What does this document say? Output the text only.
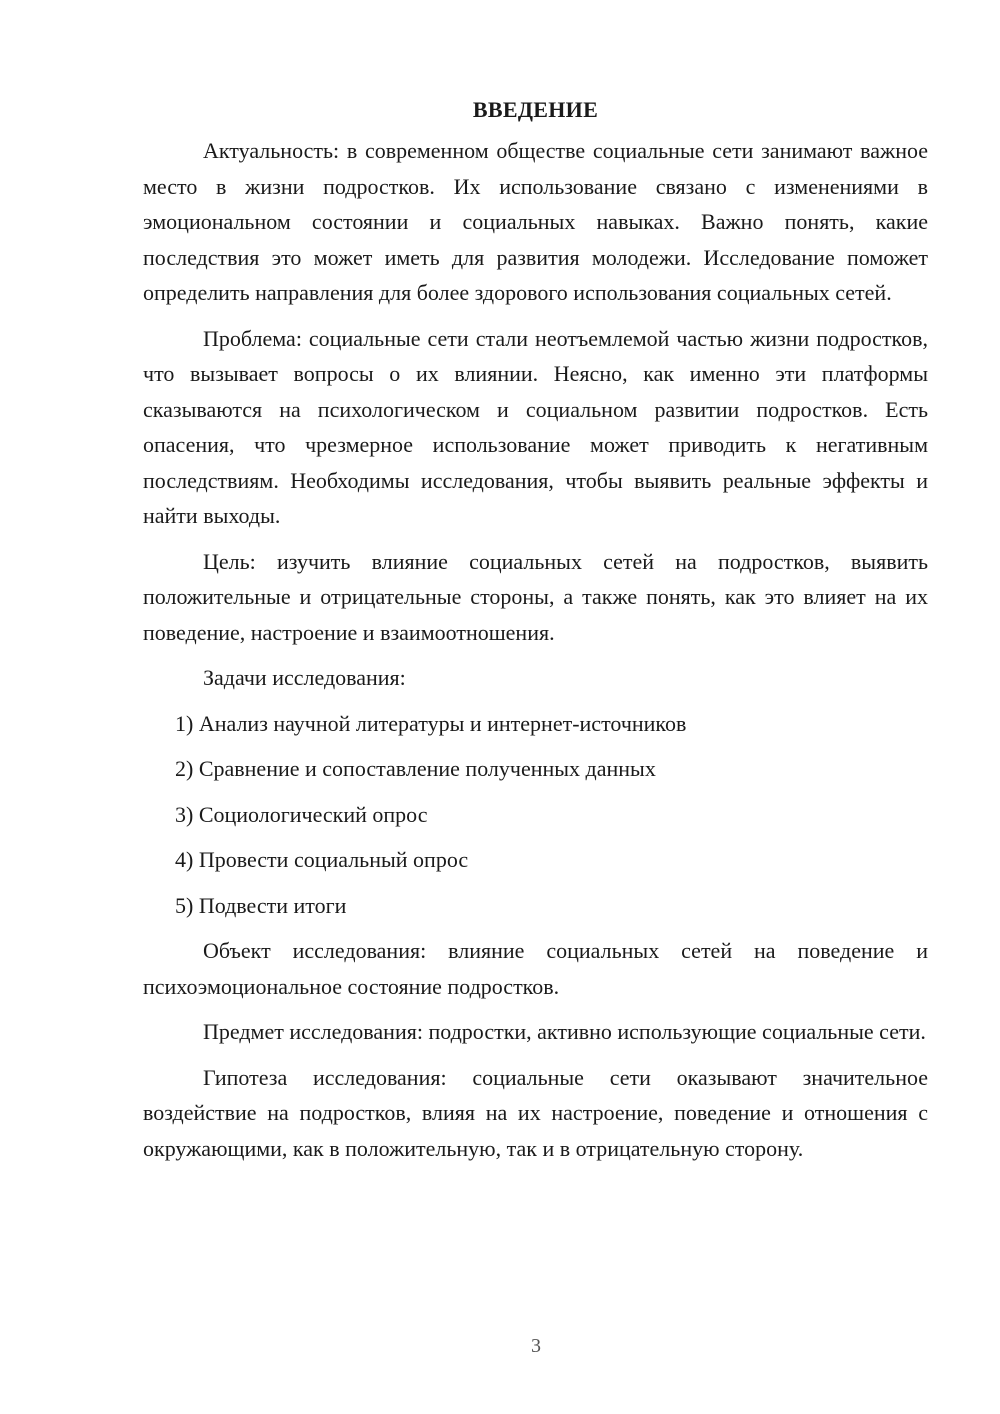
ВВЕДЕНИЕ

Актуальность: в современном обществе социальные сети занимают важное место в жизни подростков. Их использование связано с изменениями в эмоциональном состоянии и социальных навыках. Важно понять, какие последствия это может иметь для развития молодежи. Исследование поможет определить направления для более здорового использования социальных сетей.

Проблема: социальные сети стали неотъемлемой частью жизни подростков, что вызывает вопросы о их влиянии. Неясно, как именно эти платформы сказываются на психологическом и социальном развитии подростков. Есть опасения, что чрезмерное использование может приводить к негативным последствиям. Необходимы исследования, чтобы выявить реальные эффекты и найти выходы.

Цель: изучить влияние социальных сетей на подростков, выявить положительные и отрицательные стороны, а также понять, как это влияет на их поведение, настроение и взаимоотношения.

Задачи исследования:
1) Анализ научной литературы и интернет-источников
2) Сравнение и сопоставление полученных данных
3) Социологический опрос
4) Провести социальный опрос
5) Подвести итоги

Объект исследования: влияние социальных сетей на поведение и психоэмоциональное состояние подростков.

Предмет исследования: подростки, активно использующие социальные сети.

Гипотеза исследования: социальные сети оказывают значительное воздействие на подростков, влияя на их настроение, поведение и отношения с окружающими, как в положительную, так и в отрицательную сторону.

3
